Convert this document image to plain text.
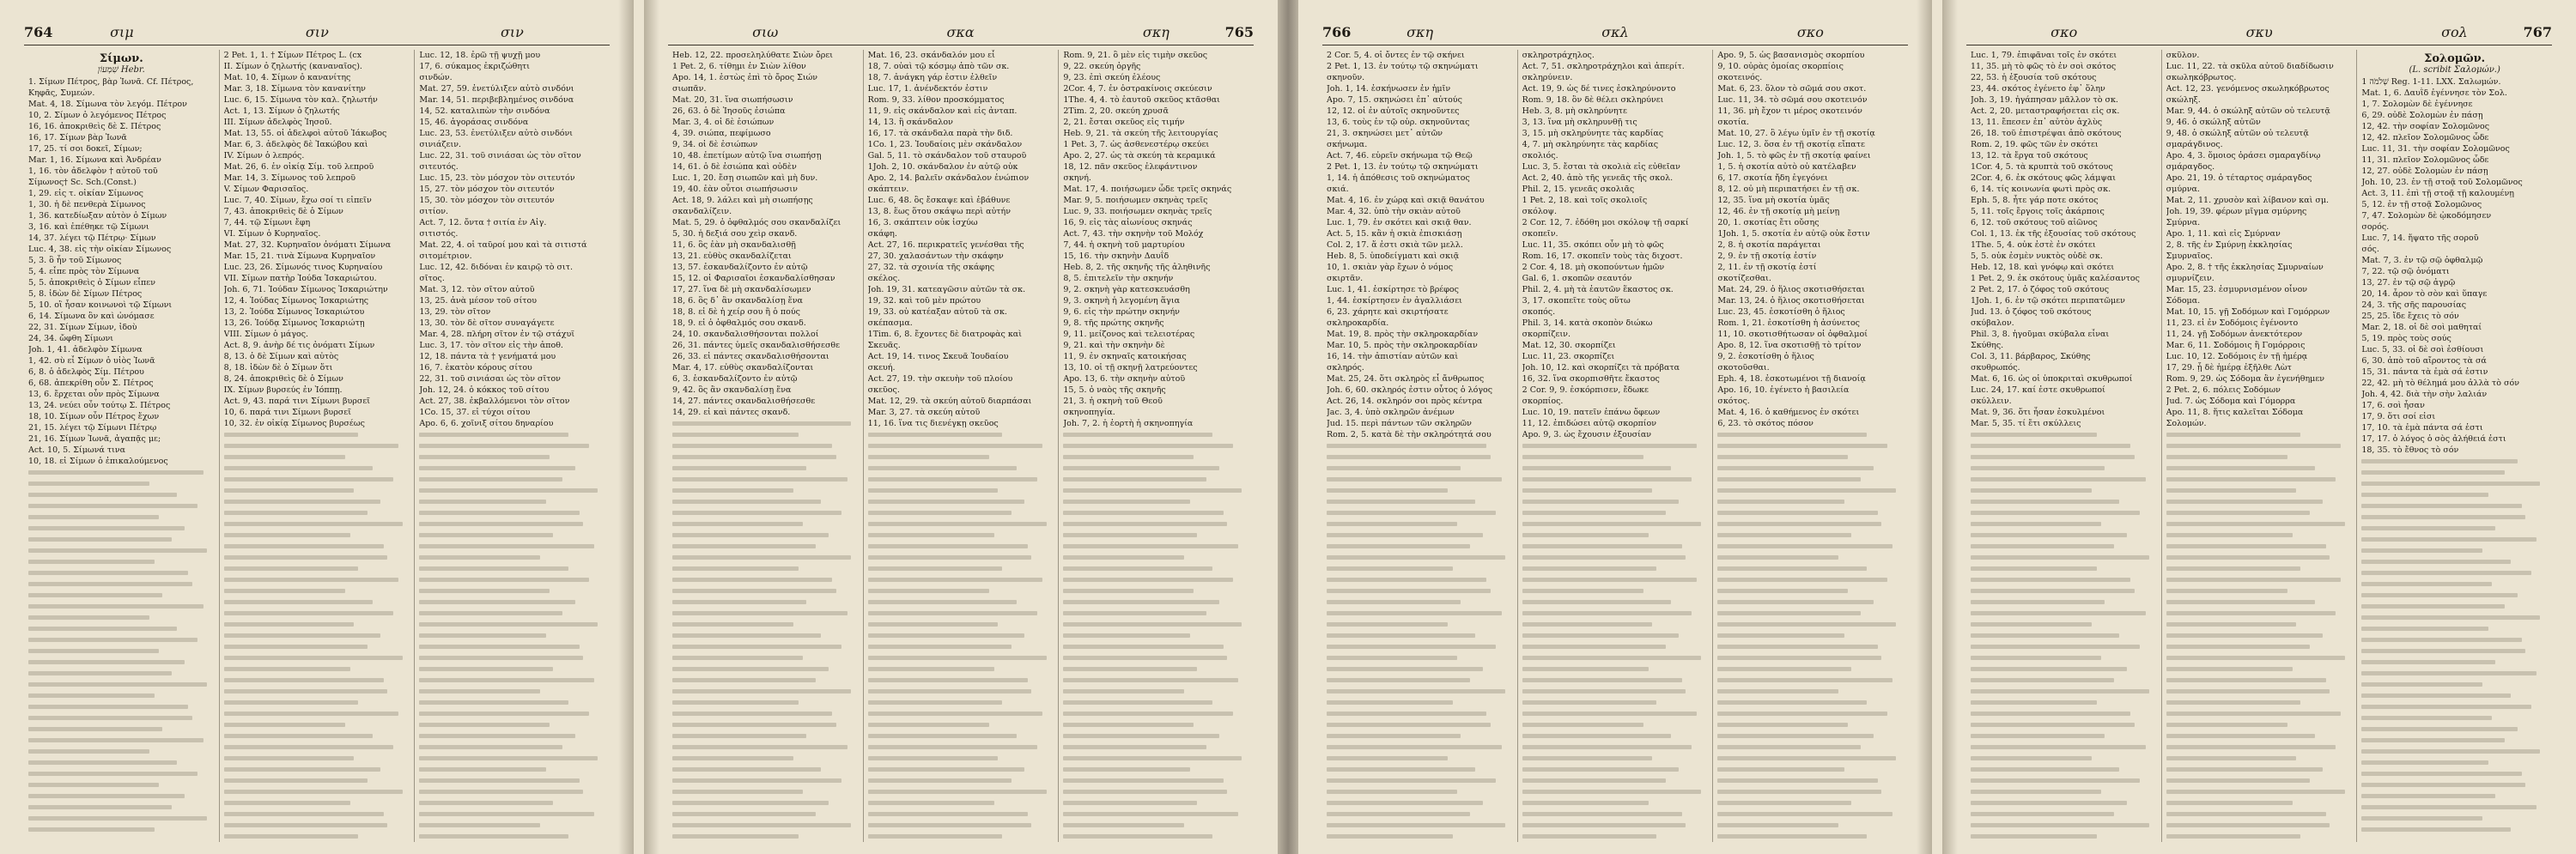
764	σιμ	σιν	σιν
Σίμων.
שִׁמְעוֹן Hebr.
1. Σίμων Πέτρος, βὰρ Ἰωνᾶ. Cf. Πέτρος,
Κηφᾶς, Συμεών.
Mat. 4, 18. Σίμωνα τὸν λεγόμ. Πέτρον
10, 2. Σίμων ὁ λεγόμενος Πέτρος
16, 16. ἀποκριθεὶς δὲ Σ. Πέτρος
16, 17. Σίμων βὰρ Ἰωνᾶ
17, 25. τί σοι δοκεῖ, Σίμων;
Mar. 1, 16. Σίμωνα καὶ Ἀνδρέαν
1, 16. τὸν ἀδελφὸν † αὐτοῦ τοῦ
Σίμωνος† Sc. Sch.(Const.)
1, 29. εἰς τ. οἰκίαν Σίμωνος
1, 30. ἡ δὲ πενθερὰ Σίμωνος
1, 36. κατεδίωξαν αὐτὸν ὁ Σίμων
3, 16. καὶ ἐπέθηκε τῷ Σίμωνι
14, 37. λέγει τῷ Πέτρῳ· Σίμων
Luc. 4, 38. εἰς τὴν οἰκίαν Σίμωνος
5, 3. ὃ ἦν τοῦ Σίμωνος
5, 4. εἶπε πρὸς τὸν Σίμωνα
5, 5. ἀποκριθεὶς ὁ Σίμων εἶπεν
5, 8. ἰδὼν δὲ Σίμων Πέτρος
5, 10. οἳ ἦσαν κοινωνοὶ τῷ Σίμωνι
6, 14. Σίμωνα ὃν καὶ ὠνόμασε
22, 31. Σίμων Σίμων, ἰδοὺ
24, 34. ὤφθη Σίμωνι
Joh. 1, 41. ἀδελφὸν Σίμωνα
1, 42. σὺ εἶ Σίμων ὁ υἱὸς Ἰωνᾶ
6, 8. ὁ ἀδελφὸς Σίμ. Πέτρου
6, 68. ἀπεκρίθη οὖν Σ. Πέτρος
13, 6. ἔρχεται οὖν πρὸς Σίμωνα
13, 24. νεύει οὖν τούτῳ Σ. Πέτρος
18, 10. Σίμων οὖν Πέτρος ἔχων
21, 15. λέγει τῷ Σίμωνι Πέτρῳ
21, 16. Σίμων Ἰωνᾶ, ἀγαπᾷς με;
Act. 10, 5. Σίμωνά τινα
10, 18. εἰ Σίμων ὁ ἐπικαλούμενος
2 Pet. 1, 1. † Σίμων Πέτρος L. (cx
II. Σίμων ὁ ζηλωτής (καναναῖος).
Mat. 10, 4. Σίμων ὁ κανανίτης
Mar. 3, 18. Σίμωνα τὸν κανανίτην
Luc. 6, 15. Σίμωνα τὸν καλ. ζηλωτήν
Act. 1, 13. Σίμων ὁ ζηλωτής
III. Σίμων ἀδελφὸς Ἰησοῦ.
Mat. 13, 55. οἱ ἀδελφοὶ αὐτοῦ Ἰάκωβος
Mar. 6, 3. ἀδελφὸς δὲ Ἰακώβου καὶ
IV. Σίμων ὁ λεπρός.
Mat. 26, 6. ἐν οἰκίᾳ Σίμ. τοῦ λεπροῦ
Mar. 14, 3. Σίμωνος τοῦ λεπροῦ
V. Σίμων Φαρισαῖος.
Luc. 7, 40. Σίμων, ἔχω σοί τι εἰπεῖν
7, 43. ἀποκριθεὶς δὲ ὁ Σίμων
7, 44. τῷ Σίμωνι ἔφη
VI. Σίμων ὁ Κυρηναῖος.
Mat. 27, 32. Κυρηναῖον ὀνόματι Σίμωνα
Mar. 15, 21. τινὰ Σίμωνα Κυρηναῖον
Luc. 23, 26. Σίμωνός τινος Κυρηναίου
VII. Σίμων πατὴρ Ἰούδα Ἰσκαριώτου.
Joh. 6, 71. Ἰούδαν Σίμωνος Ἰσκαριώτην
12, 4. Ἰούδας Σίμωνος Ἰσκαριώτης
13, 2. Ἰούδα Σίμωνος Ἰσκαριώτου
13, 26. Ἰούδᾳ Σίμωνος Ἰσκαριώτῃ
VIII. Σίμων ὁ μάγος.
Act. 8, 9. ἀνὴρ δέ τις ὀνόματι Σίμων
8, 13. ὁ δὲ Σίμων καὶ αὐτὸς
8, 18. ἰδὼν δὲ ὁ Σίμων ὅτι
8, 24. ἀποκριθεὶς δὲ ὁ Σίμων
IX. Σίμων βυρσεύς ἐν Ἰόππῃ.
Act. 9, 43. παρά τινι Σίμωνι βυρσεῖ
10, 6. παρά τινι Σίμωνι βυρσεῖ
10, 32. ἐν οἰκίᾳ Σίμωνος βυρσέως
Luc. 12, 18. ἐρῶ τῇ ψυχῇ μου
17, 6. σύκαμος ἐκριζώθητι
σινδών.
Mat. 27, 59. ἐνετύλιξεν αὐτὸ σινδόνι
Mar. 14, 51. περιβεβλημένος σινδόνα
14, 52. καταλιπὼν τὴν σινδόνα
15, 46. ἀγοράσας σινδόνα
Luc. 23, 53. ἐνετύλιξεν αὐτὸ σινδόνι
σινιάζειν.
Luc. 22, 31. τοῦ σινιάσαι ὡς τὸν σῖτον
σιτευτός.
Luc. 15, 23. τὸν μόσχον τὸν σιτευτόν
15, 27. τὸν μόσχον τὸν σιτευτόν
15, 30. τὸν μόσχον τὸν σιτευτόν
σιτίον.
Act. 7, 12. ὄντα † σιτία ἐν Αἰγ.
σιτιστός.
Mat. 22, 4. οἱ ταῦροί μου καὶ τὰ σιτιστά
σιτομέτριον.
Luc. 12, 42. διδόναι ἐν καιρῷ τὸ σιτ.
σῖτος.
Mat. 3, 12. τὸν σῖτον αὐτοῦ
13, 25. ἀνὰ μέσον τοῦ σίτου
13, 29. τὸν σῖτον
13, 30. τὸν δὲ σῖτον συναγάγετε
Mar. 4, 28. πλήρη σῖτον ἐν τῷ στάχυϊ
Luc. 3, 17. τὸν σῖτον εἰς τὴν ἀποθ.
12, 18. πάντα τὰ † γενήματά μου
16, 7. ἑκατὸν κόρους σίτου
22, 31. τοῦ σινιάσαι ὡς τὸν σῖτον
Joh. 12, 24. ὁ κόκκος τοῦ σίτου
Act. 27, 38. ἐκβαλλόμενοι τὸν σῖτον
1Co. 15, 37. εἰ τύχοι σίτου
Apo. 6, 6. χοῖνιξ σίτου δηναρίου
765
σιω	σκα	σκη
Heb. 12, 22. προσεληλύθατε Σιὼν ὄρει
1 Pet. 2, 6. τίθημι ἐν Σιὼν λίθον
Apo. 14, 1. ἑστὼς ἐπὶ τὸ ὄρος Σιών
σιωπᾶν.
Mat. 20, 31. ἵνα σιωπήσωσιν
26, 63. ὁ δὲ Ἰησοῦς ἐσιώπα
Mar. 3, 4. οἱ δὲ ἐσιώπων
4, 39. σιώπα, πεφίμωσο
9, 34. οἱ δὲ ἐσιώπων
10, 48. ἐπετίμων αὐτῷ ἵνα σιωπήσῃ
14, 61. ὁ δὲ ἐσιώπα καὶ οὐδὲν
Luc. 1, 20. ἔσῃ σιωπῶν καὶ μὴ δυν.
19, 40. ἐὰν οὗτοι σιωπήσωσιν
Act. 18, 9. λάλει καὶ μὴ σιωπήσῃς
σκανδαλίζειν.
Mat. 5, 29. ὁ ὀφθαλμός σου σκανδαλίζει
5, 30. ἡ δεξιά σου χεὶρ σκανδ.
11, 6. ὃς ἐὰν μὴ σκανδαλισθῇ
13, 21. εὐθὺς σκανδαλίζεται
13, 57. ἐσκανδαλίζοντο ἐν αὐτῷ
15, 12. οἱ Φαρισαῖοι ἐσκανδαλίσθησαν
17, 27. ἵνα δὲ μὴ σκανδαλίσωμεν
18, 6. ὃς δ᾽ ἂν σκανδαλίσῃ ἕνα
18, 8. εἰ δὲ ἡ χείρ σου ἢ ὁ πούς
18, 9. εἰ ὁ ὀφθαλμός σου σκανδ.
24, 10. σκανδαλισθήσονται πολλοί
26, 31. πάντες ὑμεῖς σκανδαλισθήσεσθε
26, 33. εἰ πάντες σκανδαλισθήσονται
Mar. 4, 17. εὐθὺς σκανδαλίζονται
6, 3. ἐσκανδαλίζοντο ἐν αὐτῷ
9, 42. ὃς ἂν σκανδαλίσῃ ἕνα
14, 27. πάντες σκανδαλισθήσεσθε
14, 29. εἰ καὶ πάντες σκανδ.
Mat. 16, 23. σκάνδαλόν μου εἶ
18, 7. οὐαὶ τῷ κόσμῳ ἀπὸ τῶν σκ.
18, 7. ἀνάγκη γάρ ἐστιν ἐλθεῖν
Luc. 17, 1. ἀνένδεκτόν ἐστιν
Rom. 9, 33. λίθον προσκόμματος
11, 9. εἰς σκάνδαλον καὶ εἰς ἀνταπ.
14, 13. ἢ σκάνδαλον
16, 17. τὰ σκάνδαλα παρὰ τὴν διδ.
1Co. 1, 23. Ἰουδαίοις μὲν σκάνδαλον
Gal. 5, 11. τὸ σκάνδαλον τοῦ σταυροῦ
1Joh. 2, 10. σκάνδαλον ἐν αὐτῷ οὐκ
Apo. 2, 14. βαλεῖν σκάνδαλον ἐνώπιον
σκάπτειν.
Luc. 6, 48. ὃς ἔσκαψε καὶ ἐβάθυνε
13, 8. ἕως ὅτου σκάψω περὶ αὐτήν
16, 3. σκάπτειν οὐκ ἰσχύω
σκάφη.
Act. 27, 16. περικρατεῖς γενέσθαι τῆς
27, 30. χαλασάντων τὴν σκάφην
27, 32. τὰ σχοινία τῆς σκάφης
σκέλος.
Joh. 19, 31. κατεαγῶσιν αὐτῶν τὰ σκ.
19, 32. καὶ τοῦ μὲν πρώτου
19, 33. οὐ κατέαξαν αὐτοῦ τὰ σκ.
σκέπασμα.
1Tim. 6, 8. ἔχοντες δὲ διατροφὰς καὶ
Σκευᾶς.
Act. 19, 14. τινος Σκευᾶ Ἰουδαίου
σκευή.
Act. 27, 19. τὴν σκευὴν τοῦ πλοίου
σκεῦος.
Mat. 12, 29. τὰ σκεύη αὐτοῦ διαρπάσαι
Mar. 3, 27. τὰ σκεύη αὐτοῦ
11, 16. ἵνα τις διενέγκῃ σκεῦος
Rom. 9, 21. ὃ μὲν εἰς τιμὴν σκεῦος
9, 22. σκεύη ὀργῆς
9, 23. ἐπὶ σκεύη ἐλέους
2Cor. 4, 7. ἐν ὀστρακίνοις σκεύεσιν
1The. 4, 4. τὸ ἑαυτοῦ σκεῦος κτᾶσθαι
2Tim. 2, 20. σκεύη χρυσᾶ
2, 21. ἔσται σκεῦος εἰς τιμήν
Heb. 9, 21. τὰ σκεύη τῆς λειτουργίας
1 Pet. 3, 7. ὡς ἀσθενεστέρῳ σκεύει
Apo. 2, 27. ὡς τὰ σκεύη τὰ κεραμικά
18, 12. πᾶν σκεῦος ἐλεφάντινον
σκηνή.
Mat. 17, 4. ποιήσωμεν ὧδε τρεῖς σκηνάς
Mar. 9, 5. ποιήσωμεν σκηνὰς τρεῖς
Luc. 9, 33. ποιήσωμεν σκηνὰς τρεῖς
16, 9. εἰς τὰς αἰωνίους σκηνάς
Act. 7, 43. τὴν σκηνὴν τοῦ Μολόχ
7, 44. ἡ σκηνὴ τοῦ μαρτυρίου
15, 16. τὴν σκηνὴν Δαυΐδ
Heb. 8, 2. τῆς σκηνῆς τῆς ἀληθινῆς
8, 5. ἐπιτελεῖν τὴν σκηνήν
9, 2. σκηνὴ γὰρ κατεσκευάσθη
9, 3. σκηνὴ ἡ λεγομένη ἅγια
9, 6. εἰς τὴν πρώτην σκηνήν
9, 8. τῆς πρώτης σκηνῆς
9, 11. μείζονος καὶ τελειοτέρας
9, 21. καὶ τὴν σκηνὴν δὲ
11, 9. ἐν σκηναῖς κατοικήσας
13, 10. οἱ τῇ σκηνῇ λατρεύοντες
Apo. 13, 6. τὴν σκηνὴν αὐτοῦ
15, 5. ὁ ναὸς τῆς σκηνῆς
21, 3. ἡ σκηνὴ τοῦ Θεοῦ
σκηνοπηγία.
Joh. 7, 2. ἡ ἑορτὴ ἡ σκηνοπηγία
766	σκη	σκλ	σκο
2 Cor. 5, 4. οἱ ὄντες ἐν τῷ σκήνει
2 Pet. 1, 13. ἐν τούτῳ τῷ σκηνώματι
σκηνοῦν.
Joh. 1, 14. ἐσκήνωσεν ἐν ἡμῖν
Apo. 7, 15. σκηνώσει ἐπ᾽ αὐτούς
12, 12. οἱ ἐν αὐτοῖς σκηνοῦντες
13, 6. τοὺς ἐν τῷ οὐρ. σκηνοῦντας
21, 3. σκηνώσει μετ᾽ αὐτῶν
σκήνωμα.
Act. 7, 46. εὑρεῖν σκήνωμα τῷ Θεῷ
2 Pet. 1, 13. ἐν τούτῳ τῷ σκηνώματι
1, 14. ἡ ἀπόθεσις τοῦ σκηνώματος
σκιά.
Mat. 4, 16. ἐν χώρᾳ καὶ σκιᾷ θανάτου
Mar. 4, 32. ὑπὸ τὴν σκιὰν αὐτοῦ
Luc. 1, 79. ἐν σκότει καὶ σκιᾷ θαν.
Act. 5, 15. κἂν ἡ σκιὰ ἐπισκιάσῃ
Col. 2, 17. ἅ ἐστι σκιὰ τῶν μελλ.
Heb. 8, 5. ὑποδείγματι καὶ σκιᾷ
10, 1. σκιὰν γὰρ ἔχων ὁ νόμος
σκιρτᾶν.
Luc. 1, 41. ἐσκίρτησε τὸ βρέφος
1, 44. ἐσκίρτησεν ἐν ἀγαλλιάσει
6, 23. χάρητε καὶ σκιρτήσατε
σκληροκαρδία.
Mat. 19, 8. πρὸς τὴν σκληροκαρδίαν
Mar. 10, 5. πρὸς τὴν σκληροκαρδίαν
16, 14. τὴν ἀπιστίαν αὐτῶν καὶ
σκληρός.
Mat. 25, 24. ὅτι σκληρὸς εἶ ἄνθρωπος
Joh. 6, 60. σκληρός ἐστιν οὗτος ὁ λόγος
Act. 26, 14. σκληρόν σοι πρὸς κέντρα
Jac. 3, 4. ὑπὸ σκληρῶν ἀνέμων
Jud. 15. περὶ πάντων τῶν σκληρῶν
Rom. 2, 5. κατὰ δὲ τὴν σκληρότητά σου
σκληροτράχηλος.
Act. 7, 51. σκληροτράχηλοι καὶ ἀπερίτ.
σκληρύνειν.
Act. 19, 9. ὡς δέ τινες ἐσκληρύνοντο
Rom. 9, 18. ὃν δὲ θέλει σκληρύνει
Heb. 3, 8. μὴ σκληρύνητε
3, 13. ἵνα μὴ σκληρυνθῇ τις
3, 15. μὴ σκληρύνητε τὰς καρδίας
4, 7. μὴ σκληρύνητε τὰς καρδίας
σκολιός.
Luc. 3, 5. ἔσται τὰ σκολιὰ εἰς εὐθεῖαν
Act. 2, 40. ἀπὸ τῆς γενεᾶς τῆς σκολ.
Phil. 2, 15. γενεᾶς σκολιᾶς
1 Pet. 2, 18. καὶ τοῖς σκολιοῖς
σκόλοψ.
2 Cor. 12, 7. ἐδόθη μοι σκόλοψ τῇ σαρκί
σκοπεῖν.
Luc. 11, 35. σκόπει οὖν μὴ τὸ φῶς
Rom. 16, 17. σκοπεῖν τοὺς τὰς διχοστ.
2 Cor. 4, 18. μὴ σκοπούντων ἡμῶν
Gal. 6, 1. σκοπῶν σεαυτόν
Phil. 2, 4. μὴ τὰ ἑαυτῶν ἕκαστος σκ.
3, 17. σκοπεῖτε τοὺς οὕτω
σκοπός.
Phil. 3, 14. κατὰ σκοπὸν διώκω
σκορπίζειν.
Mat. 12, 30. σκορπίζει
Luc. 11, 23. σκορπίζει
Joh. 10, 12. καὶ σκορπίζει τὰ πρόβατα
16, 32. ἵνα σκορπισθῆτε ἕκαστος
2 Cor. 9, 9. ἐσκόρπισεν, ἔδωκε
σκορπίος.
Luc. 10, 19. πατεῖν ἐπάνω ὄφεων
11, 12. ἐπιδώσει αὐτῷ σκορπίον
Apo. 9, 3. ὡς ἔχουσιν ἐξουσίαν
Apo. 9, 5. ὡς βασανισμὸς σκορπίου
9, 10. οὐρὰς ὁμοίας σκορπίοις
σκοτεινός.
Mat. 6, 23. ὅλον τὸ σῶμά σου σκοτ.
Luc. 11, 34. τὸ σῶμά σου σκοτεινόν
11, 36. μὴ ἔχον τι μέρος σκοτεινόν
σκοτία.
Mat. 10, 27. ὃ λέγω ὑμῖν ἐν τῇ σκοτίᾳ
Luc. 12, 3. ὅσα ἐν τῇ σκοτίᾳ εἴπατε
Joh. 1, 5. τὸ φῶς ἐν τῇ σκοτίᾳ φαίνει
1, 5. ἡ σκοτία αὐτὸ οὐ κατέλαβεν
6, 17. σκοτία ἤδη ἐγεγόνει
8, 12. οὐ μὴ περιπατήσει ἐν τῇ σκ.
12, 35. ἵνα μὴ σκοτία ὑμᾶς
12, 46. ἐν τῇ σκοτίᾳ μὴ μείνῃ
20, 1. σκοτίας ἔτι οὔσης
1Joh. 1, 5. σκοτία ἐν αὐτῷ οὐκ ἔστιν
2, 8. ἡ σκοτία παράγεται
2, 9. ἐν τῇ σκοτίᾳ ἐστίν
2, 11. ἐν τῇ σκοτίᾳ ἐστί
σκοτίζεσθαι.
Mat. 24, 29. ὁ ἥλιος σκοτισθήσεται
Mar. 13, 24. ὁ ἥλιος σκοτισθήσεται
Luc. 23, 45. ἐσκοτίσθη ὁ ἥλιος
Rom. 1, 21. ἐσκοτίσθη ἡ ἀσύνετος
11, 10. σκοτισθήτωσαν οἱ ὀφθαλμοί
Apo. 8, 12. ἵνα σκοτισθῇ τὸ τρίτον
9, 2. ἐσκοτίσθη ὁ ἥλιος
σκοτοῦσθαι.
Eph. 4, 18. ἐσκοτωμένοι τῇ διανοίᾳ
Apo. 16, 10. ἐγένετο ἡ βασιλεία
σκότος.
Mat. 4, 16. ὁ καθήμενος ἐν σκότει
6, 23. τὸ σκότος πόσον
767
σκο	σκυ	σολ
Luc. 1, 79. ἐπιφᾶναι τοῖς ἐν σκότει
11, 35. μὴ τὸ φῶς τὸ ἐν σοὶ σκότος
22, 53. ἡ ἐξουσία τοῦ σκότους
23, 44. σκότος ἐγένετο ἐφ᾽ ὅλην
Joh. 3, 19. ἠγάπησαν μᾶλλον τὸ σκ.
Act. 2, 20. μεταστραφήσεται εἰς σκ.
13, 11. ἔπεσεν ἐπ᾽ αὐτὸν ἀχλὺς
26, 18. τοῦ ἐπιστρέψαι ἀπὸ σκότους
Rom. 2, 19. φῶς τῶν ἐν σκότει
13, 12. τὰ ἔργα τοῦ σκότους
1Cor. 4, 5. τὰ κρυπτὰ τοῦ σκότους
2Cor. 4, 6. ἐκ σκότους φῶς λάμψαι
6, 14. τίς κοινωνία φωτὶ πρὸς σκ.
Eph. 5, 8. ἦτε γάρ ποτε σκότος
5, 11. τοῖς ἔργοις τοῖς ἀκάρποις
6, 12. τοῦ σκότους τοῦ αἰῶνος
Col. 1, 13. ἐκ τῆς ἐξουσίας τοῦ σκότους
1The. 5, 4. οὐκ ἐστὲ ἐν σκότει
5, 5. οὐκ ἐσμὲν νυκτὸς οὐδὲ σκ.
Heb. 12, 18. καὶ γνόφῳ καὶ σκότει
1 Pet. 2, 9. ἐκ σκότους ὑμᾶς καλέσαντος
2 Pet. 2, 17. ὁ ζόφος τοῦ σκότους
1Joh. 1, 6. ἐν τῷ σκότει περιπατῶμεν
Jud. 13. ὁ ζόφος τοῦ σκότους
σκύβαλον.
Phil. 3, 8. ἡγοῦμαι σκύβαλα εἶναι
Σκύθης.
Col. 3, 11. βάρβαρος, Σκύθης
σκυθρωπός.
Mat. 6, 16. ὡς οἱ ὑποκριταὶ σκυθρωποί
Luc. 24, 17. καί ἐστε σκυθρωποί
σκύλλειν.
Mat. 9, 36. ὅτι ἦσαν ἐσκυλμένοι
Mar. 5, 35. τί ἔτι σκύλλεις
σκῦλον.
Luc. 11, 22. τὰ σκῦλα αὐτοῦ διαδίδωσιν
σκωληκόβρωτος.
Act. 12, 23. γενόμενος σκωληκόβρωτος
σκώληξ.
Mar. 9, 44. ὁ σκώληξ αὐτῶν οὐ τελευτᾷ
9, 46. ὁ σκώληξ αὐτῶν
9, 48. ὁ σκώληξ αὐτῶν οὐ τελευτᾷ
σμαράγδινος.
Apo. 4, 3. ὅμοιος ὁράσει σμαραγδίνῳ
σμάραγδος.
Apo. 21, 19. ὁ τέταρτος σμάραγδος
σμύρνα.
Mat. 2, 11. χρυσὸν καὶ λίβανον καὶ σμ.
Joh. 19, 39. φέρων μῖγμα σμύρνης
Σμύρνα.
Apo. 1, 11. καὶ εἰς Σμύρναν
2, 8. τῆς ἐν Σμύρνῃ ἐκκλησίας
Σμυρναῖος.
Apo. 2, 8. † τῆς ἐκκλησίας Σμυρναίων
σμυρνίζειν.
Mar. 15, 23. ἐσμυρνισμένον οἶνον
Σόδομα.
Mat. 10, 15. γῇ Σοδόμων καὶ Γομόρρων
11, 23. εἰ ἐν Σοδόμοις ἐγένοντο
11, 24. γῇ Σοδόμων ἀνεκτότερον
Mar. 6, 11. Σοδόμοις ἢ Γομόρροις
Luc. 10, 12. Σοδόμοις ἐν τῇ ἡμέρᾳ
17, 29. ᾗ δὲ ἡμέρᾳ ἐξῆλθε Λὼτ
Rom. 9, 29. ὡς Σόδομα ἂν ἐγενήθημεν
2 Pet. 2, 6. πόλεις Σοδόμων
Jud. 7. ὡς Σόδομα καὶ Γόμορρα
Apo. 11, 8. ἥτις καλεῖται Σόδομα
Σολομών.
Σολομῶν.
(L. scribit Σαλομών.)
שְׁלֹמֹה 1 Reg. 1-11. LXX. Σαλωμών.
Mat. 1, 6. Δαυῒδ ἐγέννησε τὸν Σολ.
1, 7. Σολομὼν δὲ ἐγέννησε
6, 29. οὐδὲ Σολομὼν ἐν πάσῃ
12, 42. τὴν σοφίαν Σολομῶνος
12, 42. πλεῖον Σολομῶνος ὧδε
Luc. 11, 31. τὴν σοφίαν Σολομῶνος
11, 31. πλεῖον Σολομῶνος ὧδε
12, 27. οὐδὲ Σολομὼν ἐν πάσῃ
Joh. 10, 23. ἐν τῇ στοᾷ τοῦ Σολομῶνος
Act. 3, 11. ἐπὶ τῇ στοᾷ τῇ καλουμένῃ
5, 12. ἐν τῇ στοᾷ Σολομῶνος
7, 47. Σολομὼν δὲ ᾠκοδόμησεν
σορός.
Luc. 7, 14. ἥψατο τῆς σοροῦ
σός.
Mat. 7, 3. ἐν τῷ σῷ ὀφθαλμῷ
7, 22. τῷ σῷ ὀνόματι
13, 27. ἐν τῷ σῷ ἀγρῷ
20, 14. ἆρον τὸ σὸν καὶ ὕπαγε
24, 3. τῆς σῆς παρουσίας
25, 25. ἴδε ἔχεις τὸ σόν
Mar. 2, 18. οἱ δὲ σοὶ μαθηταί
5, 19. πρὸς τοὺς σούς
Luc. 5, 33. οἱ δὲ σοὶ ἐσθίουσι
6, 30. ἀπὸ τοῦ αἴροντος τὰ σά
15, 31. πάντα τὰ ἐμὰ σά ἐστιν
22, 42. μὴ τὸ θέλημά μου ἀλλὰ τὸ σόν
Joh. 4, 42. διὰ τὴν σὴν λαλιάν
17, 6. σοὶ ἦσαν
17, 9. ὅτι σοί εἰσι
17, 10. τὰ ἐμὰ πάντα σά ἐστι
17, 17. ὁ λόγος ὁ σὸς ἀλήθειά ἐστι
18, 35. τὸ ἔθνος τὸ σόν
